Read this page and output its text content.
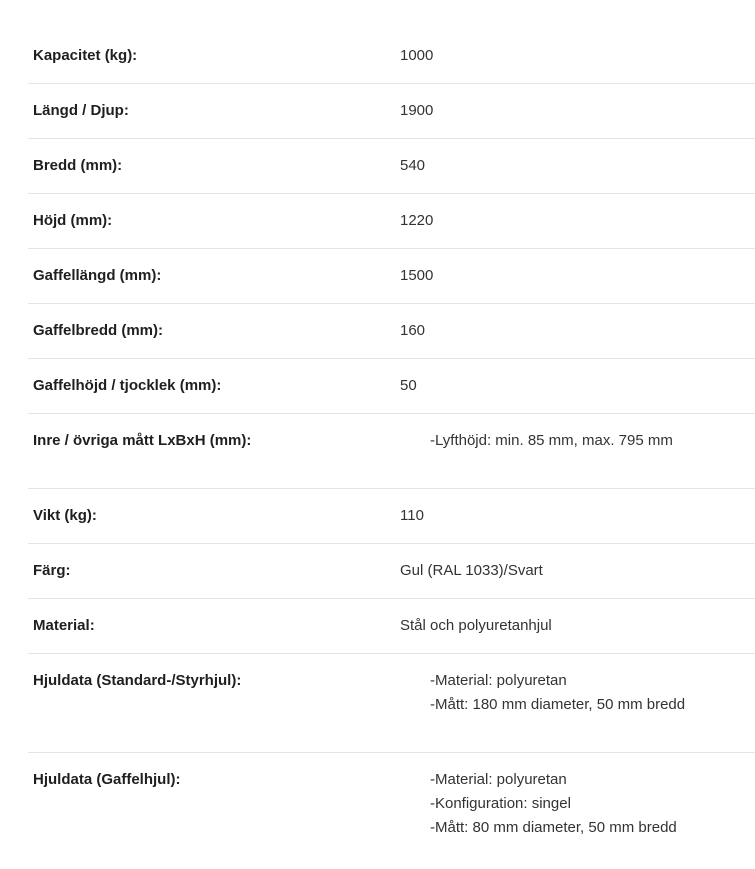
Kapacitet (kg):	1000
Längd / Djup:	1900
Bredd (mm):	540
Höjd (mm):	1220
Gaffellängd (mm):	1500
Gaffelbredd (mm):	160
Gaffelhöjd / tjocklek (mm):	50
Inre / övriga mått LxBxH (mm):	-Lyfthöjd: min. 85 mm, max. 795 mm
Vikt (kg):	110
Färg:	Gul (RAL 1033)/Svart
Material:	Stål och polyuretanhjul
Hjuldata (Standard-/Styrhjul):	-Material: polyuretan
-Mått: 180 mm diameter, 50 mm bredd
Hjuldata (Gaffelhjul):	-Material: polyuretan
-Konfiguration: singel
-Mått: 80 mm diameter, 50 mm bredd
